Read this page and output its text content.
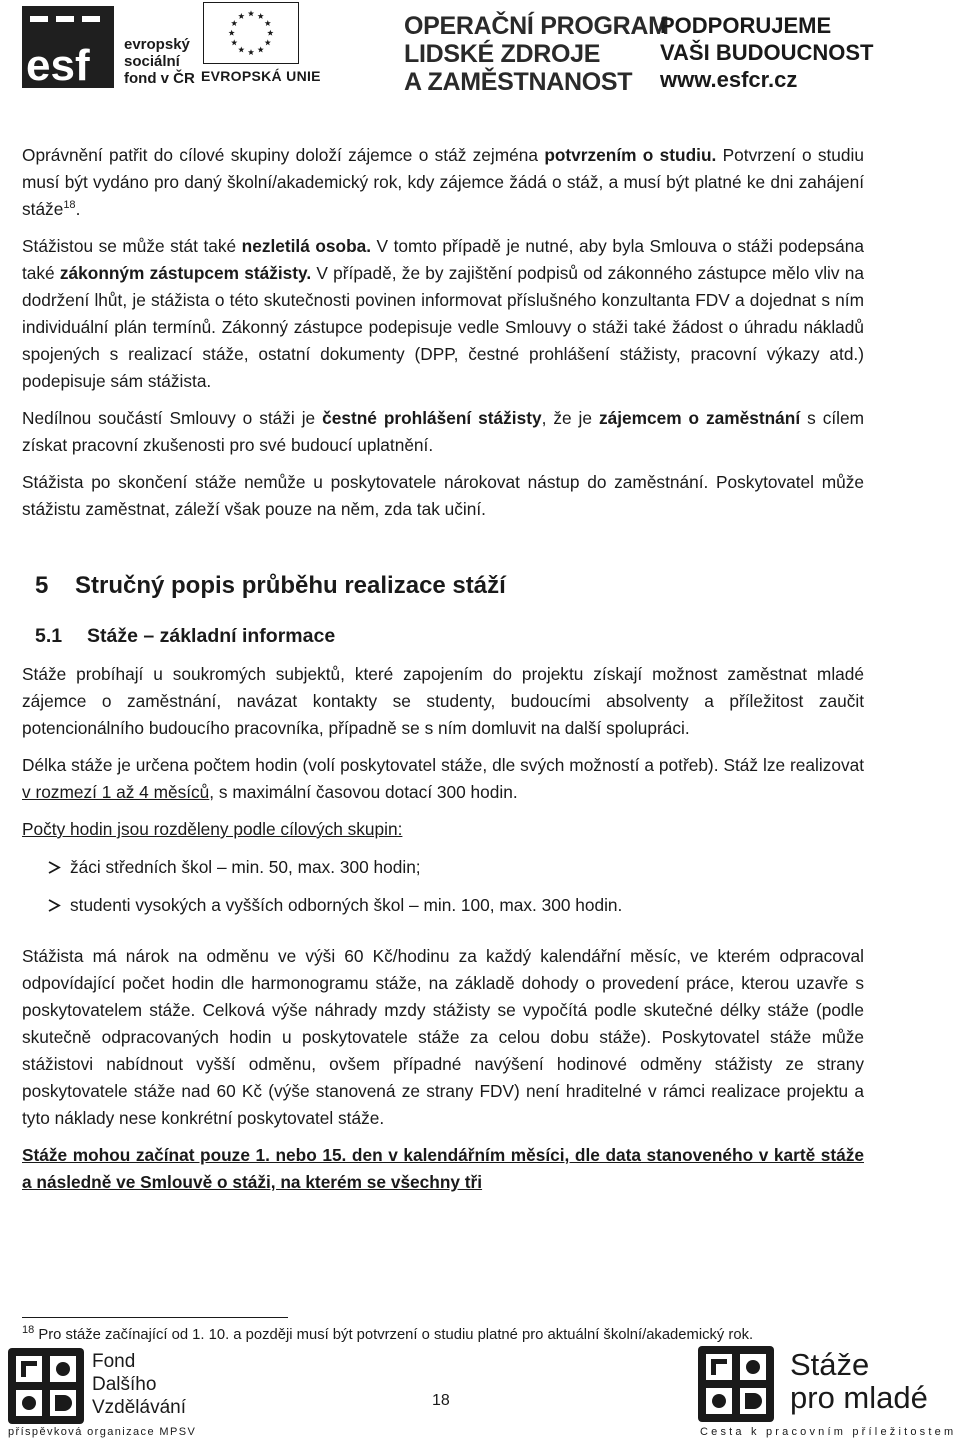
esf evropský
sociální
fond v ČR EVROPSKÁ UNIE
OPERAČNÍ PROGRAM
LIDSKÉ ZDROJE
A ZAMĚSTNANOST
PODPORUJEME
VAŠI BUDOUCNOST
www.esfcr.cz

Oprávnění patřit do cílové skupiny doloží zájemce o stáž zejména potvrzením o studiu. Potvrzení o studiu musí být vydáno pro daný školní/akademický rok, kdy zájemce žádá o stáž, a musí být platné ke dni zahájení stáže$^{18}$.

Stážistou se může stát také nezletilá osoba. V tomto případě je nutné, aby byla Smlouva o stáži podepsána také zákonným zástupcem stážisty. V případě, že by zajištění podpisů od zákonného zástupce mělo vliv na dodržení lhůt, je stážista o této skutečnosti povinen informovat příslušného konzultanta FDV a dojednat s ním individuální plán termínů. Zákonný zástupce podepisuje vedle Smlouvy o stáži také žádost o úhradu nákladů spojených s realizací stáže, ostatní dokumenty (DPP, čestné prohlášení stážisty, pracovní výkazy atd.) podepisuje sám stážista.

Nedílnou součástí Smlouvy o stáži je čestné prohlášení stážisty, že je zájemcem o zaměstnání s cílem získat pracovní zkušenosti pro své budoucí uplatnění.

Stážista po skončení stáže nemůže u poskytovatele nárokovat nástup do zaměstnání. Poskytovatel může stážistu zaměstnat, záleží však pouze na něm, zda tak učiní.

5 Stručný popis průběhu realizace stáží
5.1 Stáže – základní informace

Stáže probíhají u soukromých subjektů, které zapojením do projektu získají možnost zaměstnat mladé zájemce o zaměstnání, navázat kontakty se studenty, budoucími absolventy a příležitost zaučit potencionálního budoucího pracovníka, případně se s ním domluvit na další spolupráci.

Délka stáže je určena počtem hodin (volí poskytovatel stáže, dle svých možností a potřeb). Stáž lze realizovat v rozmezí 1 až 4 měsíců, s maximální časovou dotací 300 hodin.

Počty hodin jsou rozděleny podle cílových skupin:

žáci středních škol – min. 50, max. 300 hodin;
studenti vysokých a vyšších odborných škol – min. 100, max. 300 hodin.

Stážista má nárok na odměnu ve výši 60 Kč/hodinu za každý kalendářní měsíc, ve kterém odpracoval odpovídající počet hodin dle harmonogramu stáže, na základě dohody o provedení práce, kterou uzavře s poskytovatelem stáže. Celková výše náhrady mzdy stážisty se vypočítá podle skutečné délky stáže (podle skutečně odpracovaných hodin u poskytovatele stáže za celou dobu stáže). Poskytovatel stáže může stážistovi nabídnout vyšší odměnu, ovšem případné navýšení hodinové odměny stážisty ze strany poskytovatele stáže nad 60 Kč (výše stanovená ze strany FDV) není hraditelné v rámci realizace projektu a tyto náklady nese konkrétní poskytovatel stáže.

Stáže mohou začínat pouze 1. nebo 15. den v kalendářním měsíci, dle data stanoveného v kartě stáže a následně ve Smlouvě o stáži, na kterém se všechny tři

$^{18}$ Pro stáže začínající od 1. 10. a později musí být potvrzení o studiu platné pro aktuální školní/akademický rok.
Fond
Dalšího
Vzdělávání
příspěvková organizace MPSV
18
Stáže
pro mladé
Cesta k pracovním příležitostem
